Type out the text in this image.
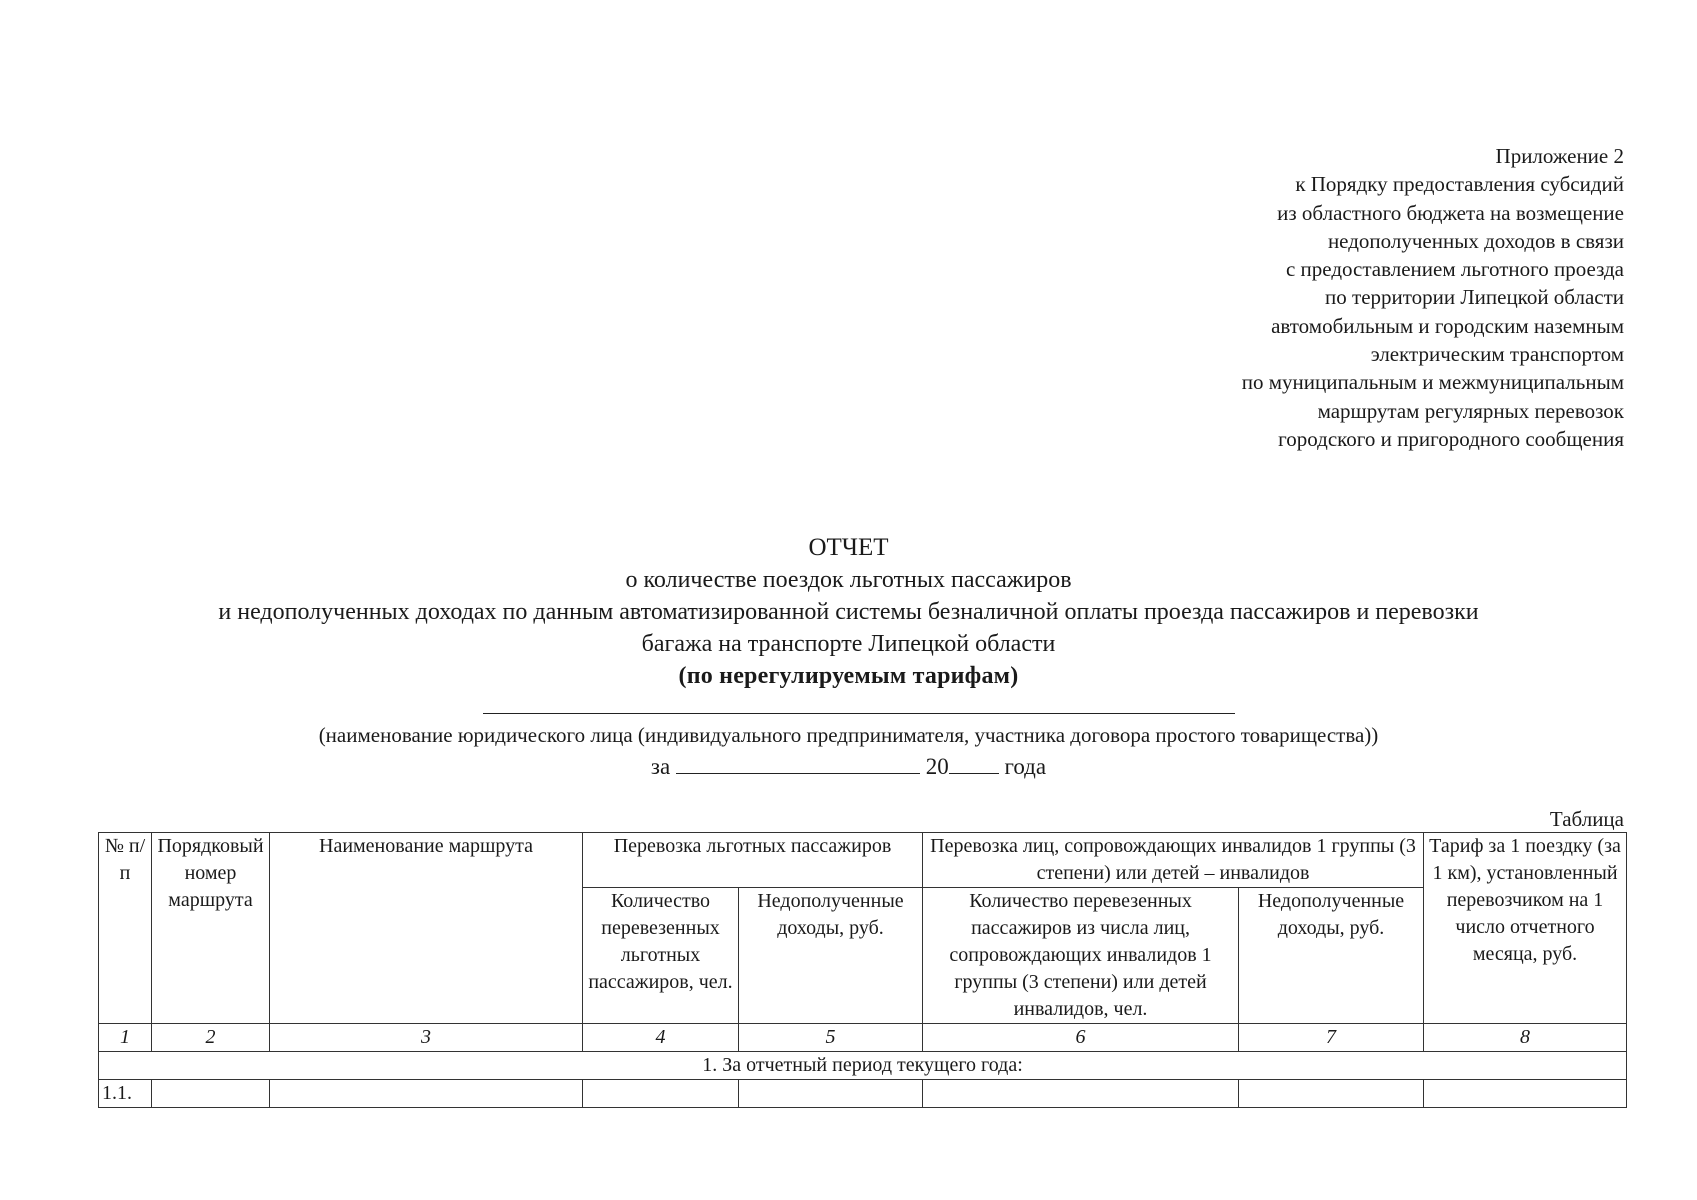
Приложение 2
к Порядку предоставления субсидий
из областного бюджета на возмещение
недополученных доходов в связи
с предоставлением льготного проезда
по территории Липецкой области
автомобильным и городским наземным
электрическим транспортом
по муниципальным и межмуниципальным
маршрутам регулярных перевозок
городского и пригородного сообщения
ОТЧЕТ
о количестве поездок льготных пассажиров
и недополученных доходах по данным автоматизированной системы безналичной оплаты проезда пассажиров и перевозки
багажа на транспорте Липецкой области
(по нерегулируемым тарифам)
(наименование юридического лица (индивидуального предпринимателя, участника договора простого товарищества))
за	20 года
Таблица
№ п/п	Порядковый номер маршрута	Наименование маршрута	Перевозка льготных пассажиров		Перевозка лиц, сопровождающих инвалидов 1 группы (3 степени) или детей – инвалидов		Тариф за 1 поездку (за 1 км), установленный перевозчиком на 1 число отчетного месяца, руб.
			Количество перевезенных льготных пассажиров, чел.	Недополученные доходы, руб.	Количество перевезенных пассажиров из числа лиц, сопровождающих инвалидов 1 группы (3 степени) или детей инвалидов, чел.	Недополученные доходы, руб.	
1	2	3	4	5	6	7	8
1. За отчетный период текущего года:							
1.1.							
